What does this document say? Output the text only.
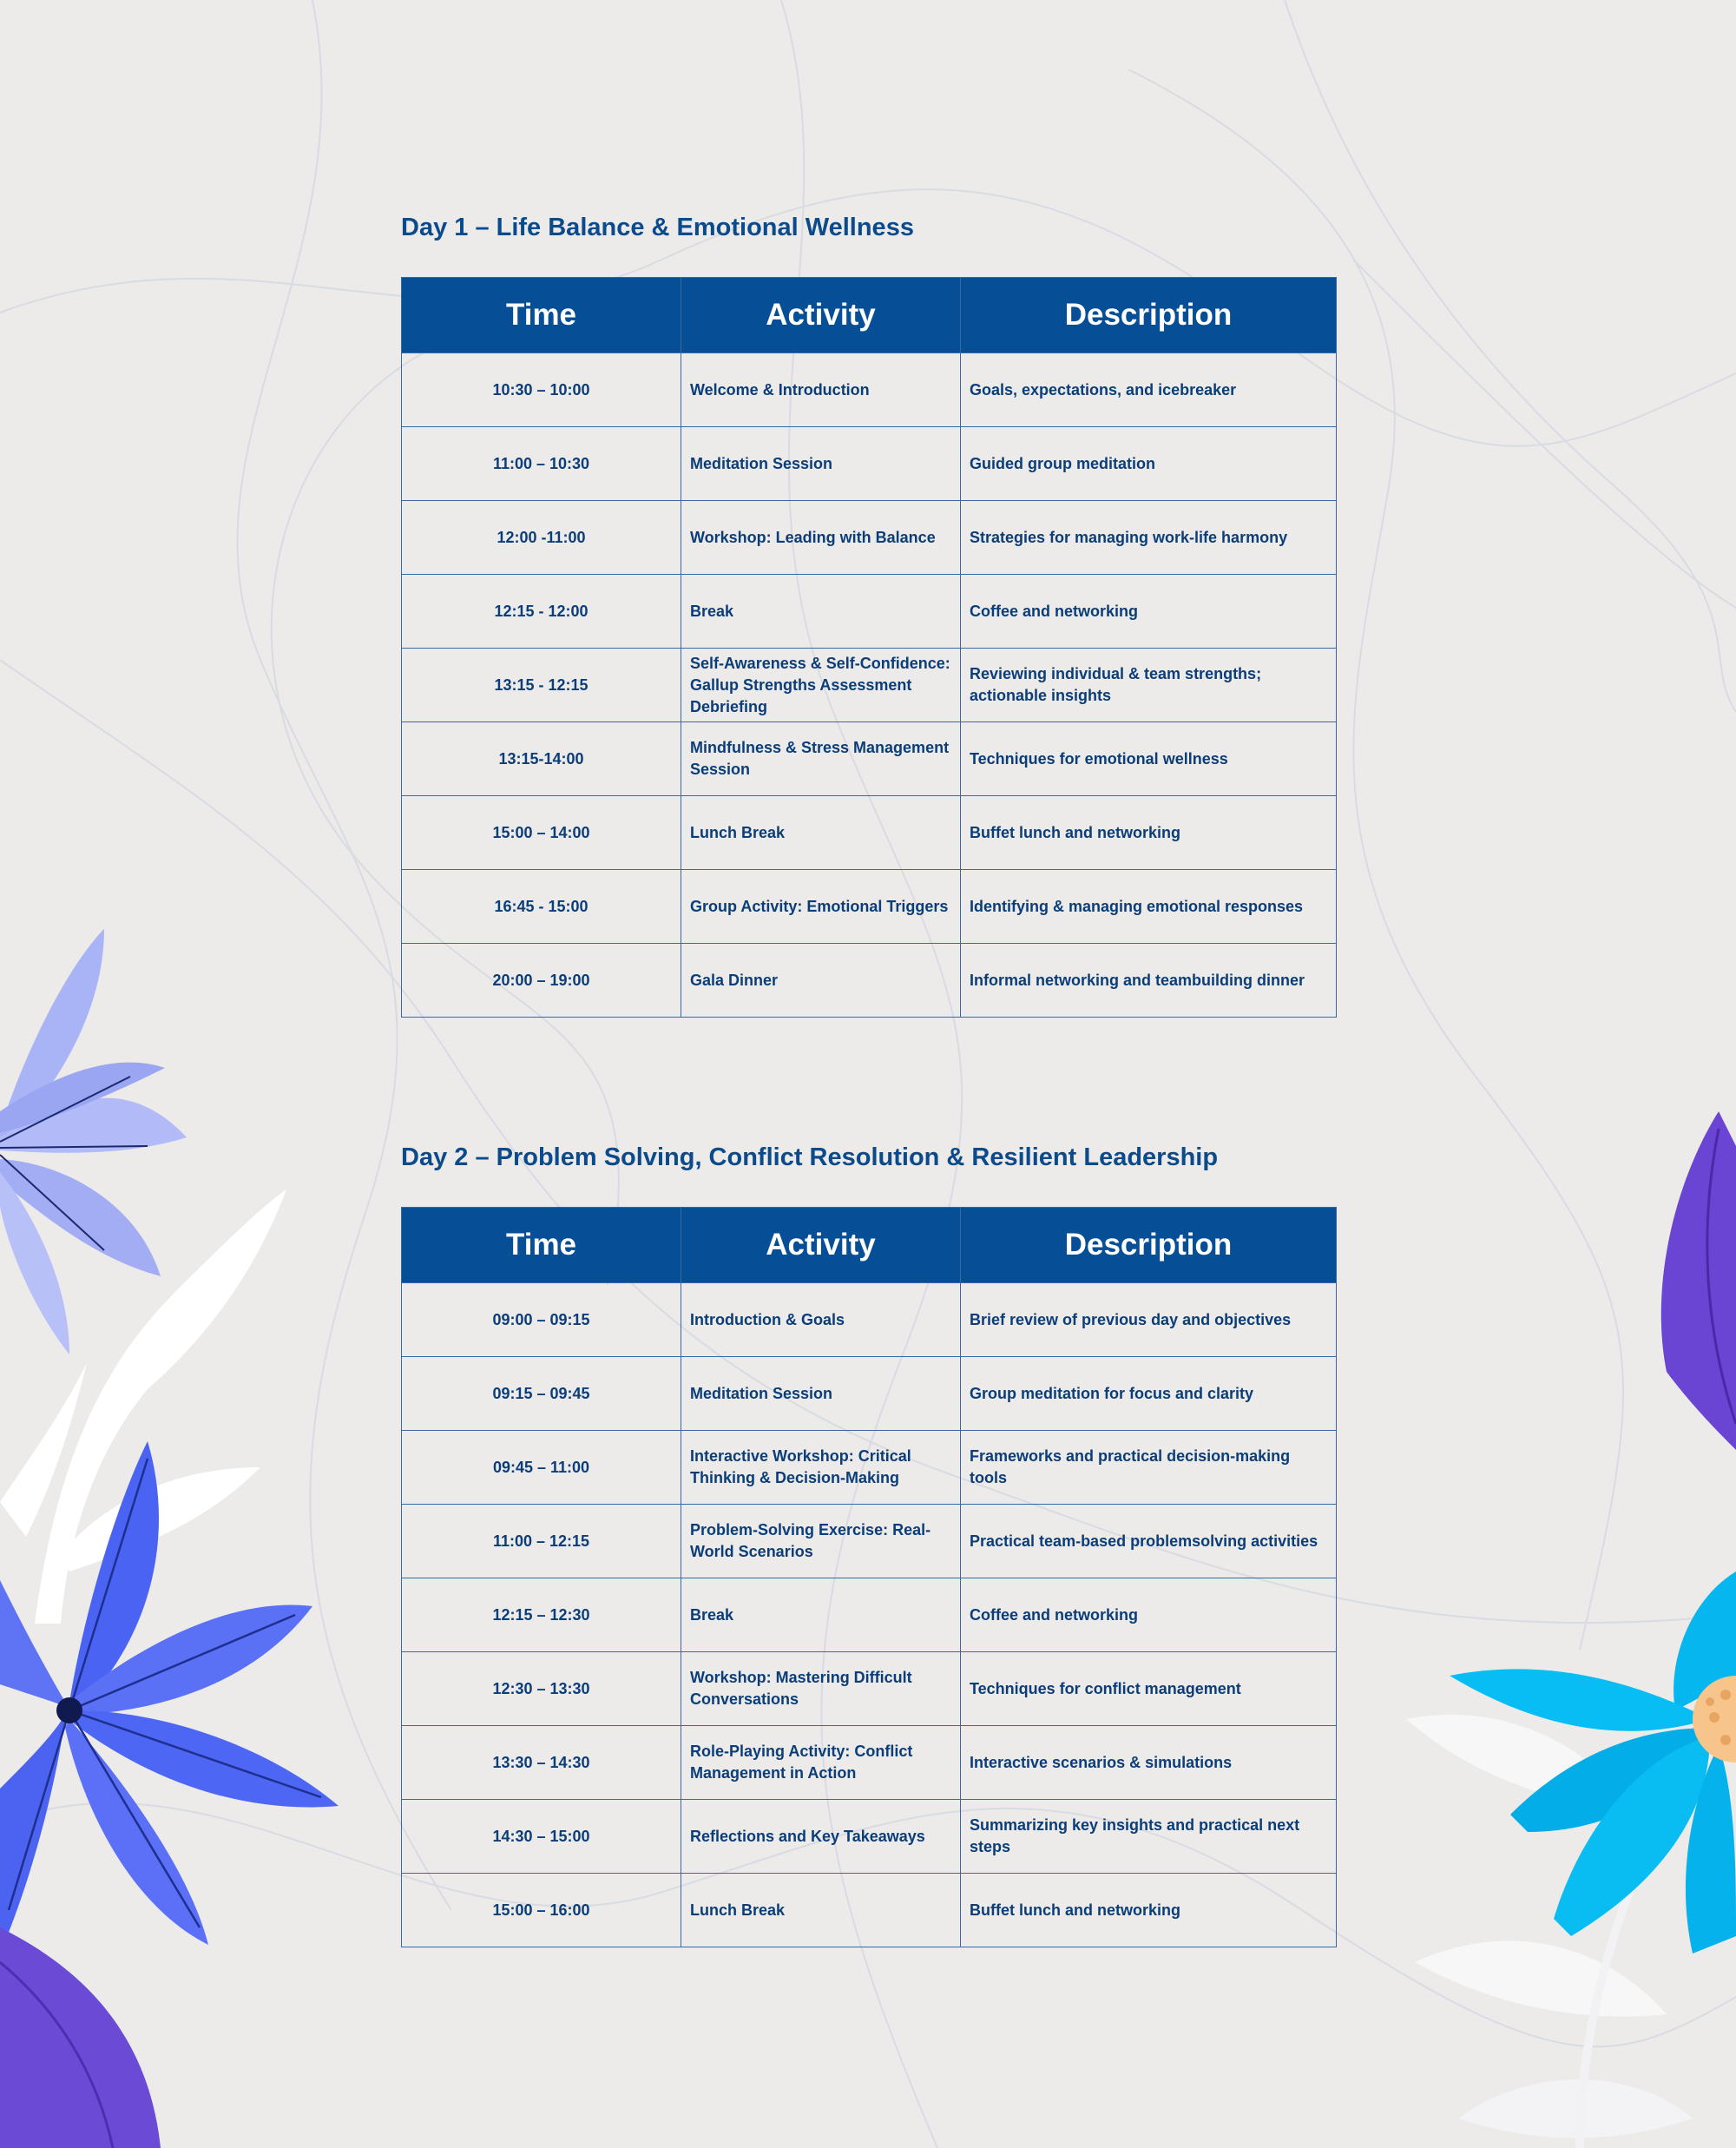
Day 1 – Life Balance & Emotional Wellness
Time	Activity	Description
10:30 – 10:00	Welcome & Introduction	Goals, expectations, and icebreaker
11:00 – 10:30	Meditation Session	Guided group meditation
12:00 -11:00	Workshop: Leading with Balance	Strategies for managing work-life harmony
12:15 - 12:00	Break	Coffee and networking
13:15 - 12:15	Self-Awareness & Self-Confidence: Gallup Strengths Assessment Debriefing	Reviewing individual & team strengths; actionable insights
13:15-14:00	Mindfulness & Stress Management Session	Techniques for emotional wellness
15:00 – 14:00	Lunch Break	Buffet lunch and networking
16:45 - 15:00	Group Activity: Emotional Triggers	Identifying & managing emotional responses
20:00 – 19:00	Gala Dinner	Informal networking and teambuilding dinner
Day 2 – Problem Solving, Conflict Resolution & Resilient Leadership
Time	Activity	Description
09:00 – 09:15	Introduction & Goals	Brief review of previous day and objectives
09:15 – 09:45	Meditation Session	Group meditation for focus and clarity
09:45 – 11:00	Interactive Workshop: Critical Thinking & Decision-Making	Frameworks and practical decision-making tools
11:00 – 12:15	Problem-Solving Exercise: Real-World Scenarios	Practical team-based problemsolving activities
12:15 – 12:30	Break	Coffee and networking
12:30 – 13:30	Workshop: Mastering Difficult Conversations	Techniques for conflict management
13:30 – 14:30	Role-Playing Activity: Conflict Management in Action	Interactive scenarios & simulations
14:30 – 15:00	Reflections and Key Takeaways	Summarizing key insights and practical next steps
15:00 – 16:00	Lunch Break	Buffet lunch and networking
